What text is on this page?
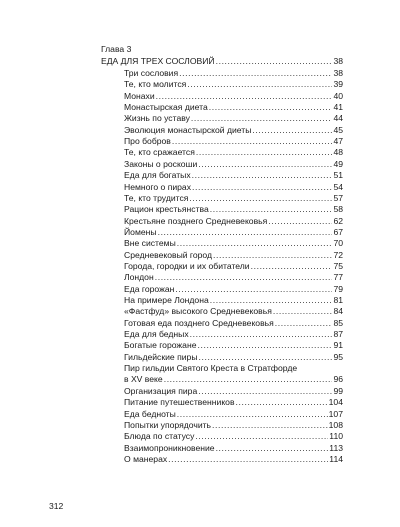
Глава 3
ЕДА ДЛЯ ТРЕХ СОСЛОВИЙ .....	38
Три сословия .....	38
Те, кто молится .....	39
Монахи .....	40
Монастырская диета .....	41
Жизнь по уставу .....	44
Эволюция монастырской диеты .....	45
Про бобров .....	47
Те, кто сражается .....	48
Законы о роскоши .....	49
Еда для богатых .....	51
Немного о пирах .....	54
Те, кто трудится .....	57
Рацион крестьянства .....	58
Крестьяне позднего Средневековья .....	62
Йомены .....	67
Вне системы .....	70
Средневековый город .....	72
Города, городки и их обитатели .....	75
Лондон .....	77
Еда горожан .....	79
На примере Лондона .....	81
«Фастфуд» высокого Средневековья .....	84
Готовая еда позднего Средневековья .....	85
Еда для бедных .....	87
Богатые горожане .....	91
Гильдейские пиры .....	95
Пир гильдии Святого Креста в Стратфорде
в XV веке .....	96
Организация пира .....	99
Питание путешественников .....	104
Еда бедноты .....	107
Попытки упорядочить .....	108
Блюда по статусу .....	110
Взаимопроникновение .....	113
О манерах .....	114
312
